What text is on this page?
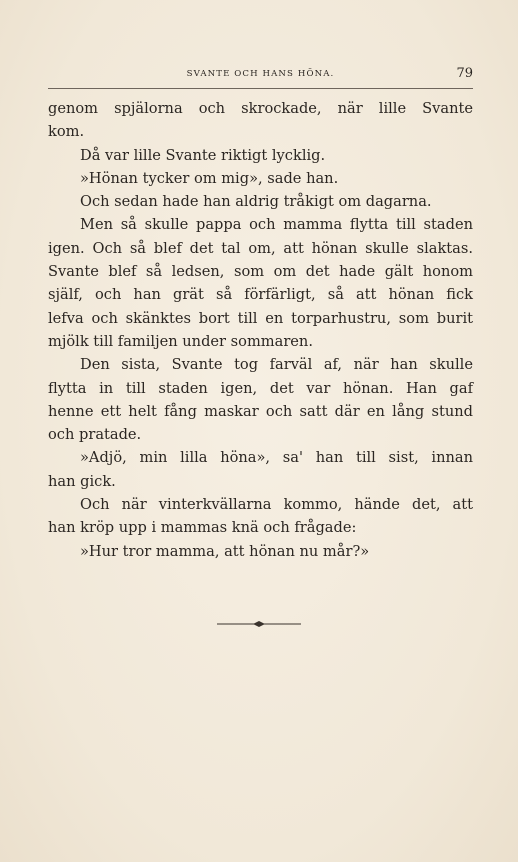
SVANTE OCH HANS HÖNA.	79
genom spjälorna och skrockade, när lille Svante
kom.
Då var lille Svante riktigt lycklig.
»Hönan tycker om mig», sade han.
Och sedan hade han aldrig tråkigt om dagarna.
Men så skulle pappa och mamma flytta till staden
igen. Och så blef det tal om, att hönan skulle slaktas.
Svante blef så ledsen, som om det hade gält honom
själf, och han grät så förfärligt, så att hönan fick
lefva och skänktes bort till en torparhustru, som burit
mjölk till familjen under sommaren.
Den sista, Svante tog farväl af, när han skulle
flytta in till staden igen, det var hönan. Han gaf
henne ett helt fång maskar och satt där en lång stund
och pratade.
»Adjö, min lilla höna», sa' han till sist, innan
han gick.
Och när vinterkvällarna kommo, hände det, att
han kröp upp i mammas knä och frågade:
»Hur tror mamma, att hönan nu mår?»
